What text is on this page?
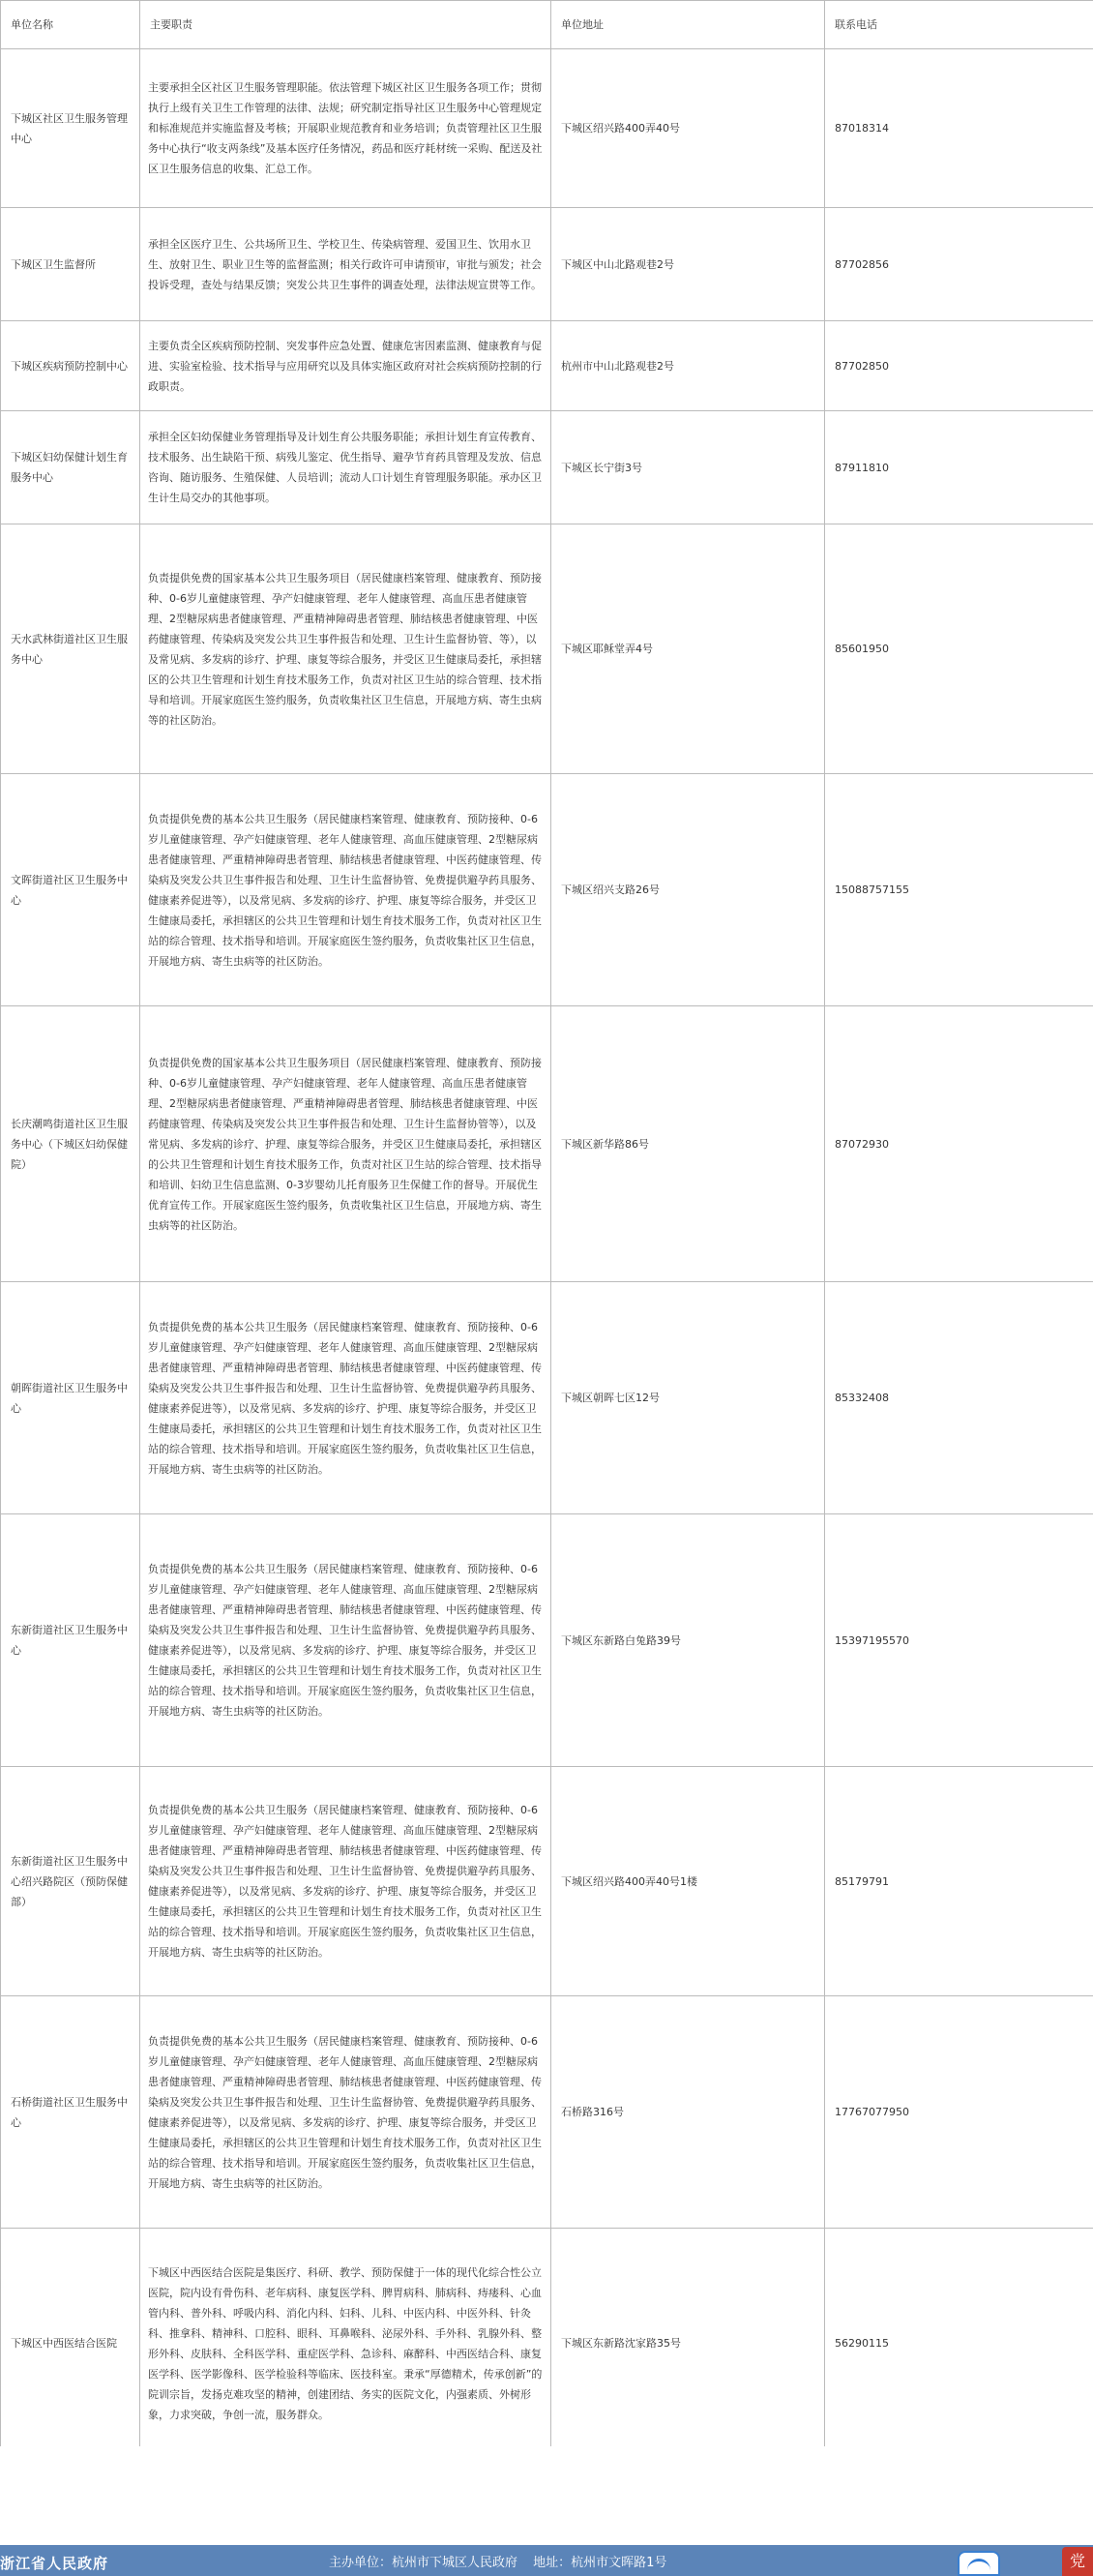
单位名称	主要职责	单位地址	联系电话
下城区社区卫生服务管理中心	主要承担全区社区卫生服务管理职能。依法管理下城区社区卫生服务各项工作；贯彻执行上级有关卫生工作管理的法律、法规；研究制定指导社区卫生服务中心管理规定和标准规范并实施监督及考核；开展职业规范教育和业务培训；负责管理社区卫生服务中心执行“收支两条线”及基本医疗任务情况，药品和医疗耗材统一采购、配送及社区卫生服务信息的收集、汇总工作。	下城区绍兴路400弄40号	87018314
下城区卫生监督所	承担全区医疗卫生、公共场所卫生、学校卫生、传染病管理、爱国卫生、饮用水卫生、放射卫生、职业卫生等的监督监测；相关行政许可申请预审，审批与颁发；社会投诉受理，查处与结果反馈；突发公共卫生事件的调查处理，法律法规宣贯等工作。	下城区中山北路观巷2号	87702856
下城区疾病预防控制中心	主要负责全区疾病预防控制、突发事件应急处置、健康危害因素监测、健康教育与促进、实验室检验、技术指导与应用研究以及具体实施区政府对社会疾病预防控制的行政职责。	杭州市中山北路观巷2号	87702850
下城区妇幼保健计划生育服务中心	承担全区妇幼保健业务管理指导及计划生育公共服务职能；承担计划生育宣传教育、技术服务、出生缺陷干预、病残儿鉴定、优生指导、避孕节育药具管理及发放、信息咨询、随访服务、生殖保健、人员培训；流动人口计划生育管理服务职能。承办区卫生计生局交办的其他事项。	下城区长宁街3号	87911810
天水武林街道社区卫生服务中心	负责提供免费的国家基本公共卫生服务项目（居民健康档案管理、健康教育、预防接种、0-6岁儿童健康管理、孕产妇健康管理、老年人健康管理、高血压患者健康管理、2型糖尿病患者健康管理、严重精神障碍患者管理、肺结核患者健康管理、中医药健康管理、传染病及突发公共卫生事件报告和处理、卫生计生监督协管、等），以及常见病、多发病的诊疗、护理、康复等综合服务，并受区卫生健康局委托，承担辖区的公共卫生管理和计划生育技术服务工作，负责对社区卫生站的综合管理、技术指导和培训。开展家庭医生签约服务，负责收集社区卫生信息，开展地方病、寄生虫病等的社区防治。	下城区耶稣堂弄4号	85601950
文晖街道社区卫生服务中心	负责提供免费的基本公共卫生服务（居民健康档案管理、健康教育、预防接种、0-6岁儿童健康管理、孕产妇健康管理、老年人健康管理、高血压健康管理、2型糖尿病患者健康管理、严重精神障碍患者管理、肺结核患者健康管理、中医药健康管理、传染病及突发公共卫生事件报告和处理、卫生计生监督协管、免费提供避孕药具服务、健康素养促进等），以及常见病、多发病的诊疗、护理、康复等综合服务，并受区卫生健康局委托，承担辖区的公共卫生管理和计划生育技术服务工作，负责对社区卫生站的综合管理、技术指导和培训。开展家庭医生签约服务，负责收集社区卫生信息，开展地方病、寄生虫病等的社区防治。	下城区绍兴支路26号	15088757155
长庆潮鸣街道社区卫生服务中心（下城区妇幼保健院）	负责提供免费的国家基本公共卫生服务项目（居民健康档案管理、健康教育、预防接种、0-6岁儿童健康管理、孕产妇健康管理、老年人健康管理、高血压患者健康管理、2型糖尿病患者健康管理、严重精神障碍患者管理、肺结核患者健康管理、中医药健康管理、传染病及突发公共卫生事件报告和处理、卫生计生监督协管等），以及常见病、多发病的诊疗、护理、康复等综合服务，并受区卫生健康局委托，承担辖区的公共卫生管理和计划生育技术服务工作，负责对社区卫生站的综合管理、技术指导和培训、妇幼卫生信息监测、0-3岁婴幼儿托育服务卫生保健工作的督导。开展优生优育宣传工作。开展家庭医生签约服务，负责收集社区卫生信息，开展地方病、寄生虫病等的社区防治。	下城区新华路86号	87072930
朝晖街道社区卫生服务中心	负责提供免费的基本公共卫生服务（居民健康档案管理、健康教育、预防接种、0-6岁儿童健康管理、孕产妇健康管理、老年人健康管理、高血压健康管理、2型糖尿病患者健康管理、严重精神障碍患者管理、肺结核患者健康管理、中医药健康管理、传染病及突发公共卫生事件报告和处理、卫生计生监督协管、免费提供避孕药具服务、健康素养促进等），以及常见病、多发病的诊疗、护理、康复等综合服务，并受区卫生健康局委托，承担辖区的公共卫生管理和计划生育技术服务工作，负责对社区卫生站的综合管理、技术指导和培训。开展家庭医生签约服务，负责收集社区卫生信息，开展地方病、寄生虫病等的社区防治。	下城区朝晖七区12号	85332408
东新街道社区卫生服务中心	负责提供免费的基本公共卫生服务（居民健康档案管理、健康教育、预防接种、0-6岁儿童健康管理、孕产妇健康管理、老年人健康管理、高血压健康管理、2型糖尿病患者健康管理、严重精神障碍患者管理、肺结核患者健康管理、中医药健康管理、传染病及突发公共卫生事件报告和处理、卫生计生监督协管、免费提供避孕药具服务、健康素养促进等），以及常见病、多发病的诊疗、护理、康复等综合服务，并受区卫生健康局委托，承担辖区的公共卫生管理和计划生育技术服务工作，负责对社区卫生站的综合管理、技术指导和培训。开展家庭医生签约服务，负责收集社区卫生信息，开展地方病、寄生虫病等的社区防治。	下城区东新路白兔路39号	15397195570
东新街道社区卫生服务中心绍兴路院区（预防保健部）	负责提供免费的基本公共卫生服务（居民健康档案管理、健康教育、预防接种、0-6岁儿童健康管理、孕产妇健康管理、老年人健康管理、高血压健康管理、2型糖尿病患者健康管理、严重精神障碍患者管理、肺结核患者健康管理、中医药健康管理、传染病及突发公共卫生事件报告和处理、卫生计生监督协管、免费提供避孕药具服务、健康素养促进等），以及常见病、多发病的诊疗、护理、康复等综合服务，并受区卫生健康局委托，承担辖区的公共卫生管理和计划生育技术服务工作，负责对社区卫生站的综合管理、技术指导和培训。开展家庭医生签约服务，负责收集社区卫生信息，开展地方病、寄生虫病等的社区防治。	下城区绍兴路400弄40号1楼	85179791
石桥街道社区卫生服务中心	负责提供免费的基本公共卫生服务（居民健康档案管理、健康教育、预防接种、0-6岁儿童健康管理、孕产妇健康管理、老年人健康管理、高血压健康管理、2型糖尿病患者健康管理、严重精神障碍患者管理、肺结核患者健康管理、中医药健康管理、传染病及突发公共卫生事件报告和处理、卫生计生监督协管、免费提供避孕药具服务、健康素养促进等），以及常见病、多发病的诊疗、护理、康复等综合服务，并受区卫生健康局委托，承担辖区的公共卫生管理和计划生育技术服务工作，负责对社区卫生站的综合管理、技术指导和培训。开展家庭医生签约服务，负责收集社区卫生信息，开展地方病、寄生虫病等的社区防治。	石桥路316号	17767077950
下城区中西医结合医院	下城区中西医结合医院是集医疗、科研、教学、预防保健于一体的现代化综合性公立医院，院内设有骨伤科、老年病科、康复医学科、脾胃病科、肺病科、痔瘘科、心血管内科、普外科、呼吸内科、消化内科、妇科、儿科、中医内科、中医外科、针灸科、推拿科、精神科、口腔科、眼科、耳鼻喉科、泌尿外科、手外科、乳腺外科、整形外科、皮肤科、全科医学科、重症医学科、急诊科、麻醉科、中西医结合科、康复医学科、医学影像科、医学检验科等临床、医技科室。秉承“厚德精术，传承创新”的院训宗旨，发扬克难攻坚的精神，创建团结、务实的医院文化，内强素质、外树形象，力求突破，争创一流，服务群众。	下城区东新路沈家路35号	56290115
浙江省人民政府	主办单位：杭州市下城区人民政府 地址：杭州市文晖路1号	党
